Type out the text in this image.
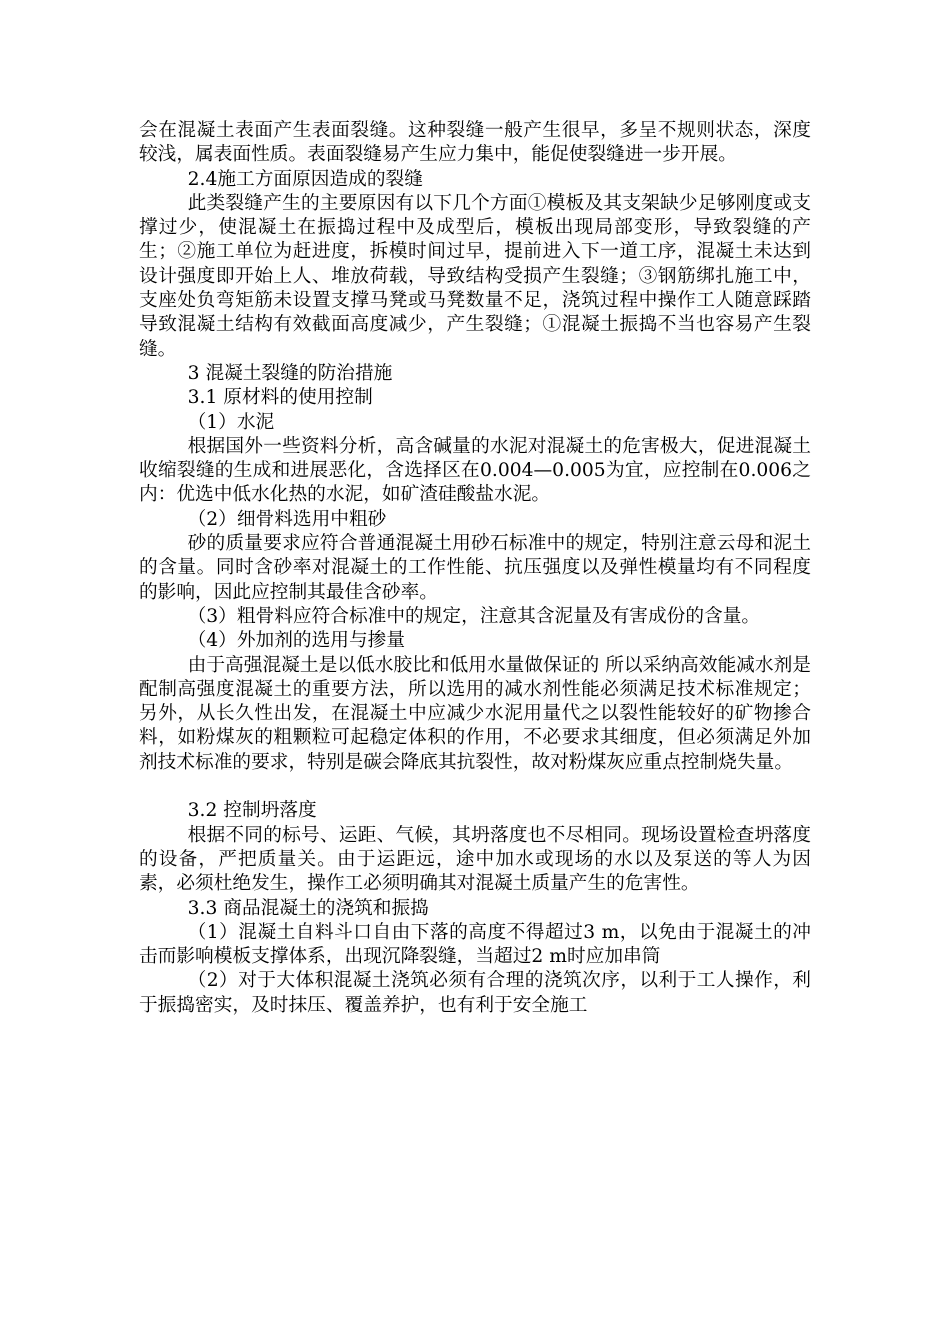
会在混凝土表面产生表面裂缝。这种裂缝一般产生很早，多呈不规则状态，深度较浅，属表面性质。表面裂缝易产生应力集中，能促使裂缝进一步开展。

2.4施工方面原因造成的裂缝

此类裂缝产生的主要原因有以下几个方面①模板及其支架缺少足够刚度或支撑过少，使混凝土在振捣过程中及成型后，模板出现局部变形，导致裂缝的产生；②施工单位为赶进度，拆模时间过早，提前进入下一道工序，混凝土未达到设计强度即开始上人、堆放荷载，导致结构受损产生裂缝；③钢筋绑扎施工中，支座处负弯矩筋未设置支撑马凳或马凳数量不足，浇筑过程中操作工人随意踩踏导致混凝土结构有效截面高度减少，产生裂缝；①混凝土振捣不当也容易产生裂缝。

3 混凝土裂缝的防治措施

3.1 原材料的使用控制

（1）水泥

根据国外一些资料分析，高含碱量的水泥对混凝土的危害极大，促进混凝土收缩裂缝的生成和进展恶化，含选择区在0.004—0.005为宜，应控制在0.006之内：优选中低水化热的水泥，如矿渣硅酸盐水泥。

（2）细骨料选用中粗砂

砂的质量要求应符合普通混凝土用砂石标准中的规定，特别注意云母和泥土的含量。同时含砂率对混凝土的工作性能、抗压强度以及弹性模量均有不同程度的影响，因此应控制其最佳含砂率。

（3）粗骨料应符合标准中的规定，注意其含泥量及有害成份的含量。

（4）外加剂的选用与掺量

由于高强混凝土是以低水胶比和低用水量做保证的 所以采纳高效能减水剂是配制高强度混凝土的重要方法，所以选用的减水剂性能必须满足技术标准规定；另外，从长久性出发，在混凝土中应减少水泥用量代之以裂性能较好的矿物掺合料，如粉煤灰的粗颗粒可起稳定体积的作用，不必要求其细度，但必须满足外加剂技术标准的要求，特别是碳会降底其抗裂性，故对粉煤灰应重点控制烧失量。

3.2 控制坍落度

根据不同的标号、运距、气候，其坍落度也不尽相同。现场设置检查坍落度的设备，严把质量关。由于运距远，途中加水或现场的水以及泵送的等人为因素，必须杜绝发生，操作工必须明确其对混凝土质量产生的危害性。

3.3 商品混凝土的浇筑和振捣

（1）混凝土自料斗口自由下落的高度不得超过3 m，以免由于混凝土的冲击而影响模板支撑体系，出现沉降裂缝，当超过2 m时应加串筒

（2）对于大体积混凝土浇筑必须有合理的浇筑次序，以利于工人操作，利于振捣密实，及时抹压、覆盖养护，也有利于安全施工
